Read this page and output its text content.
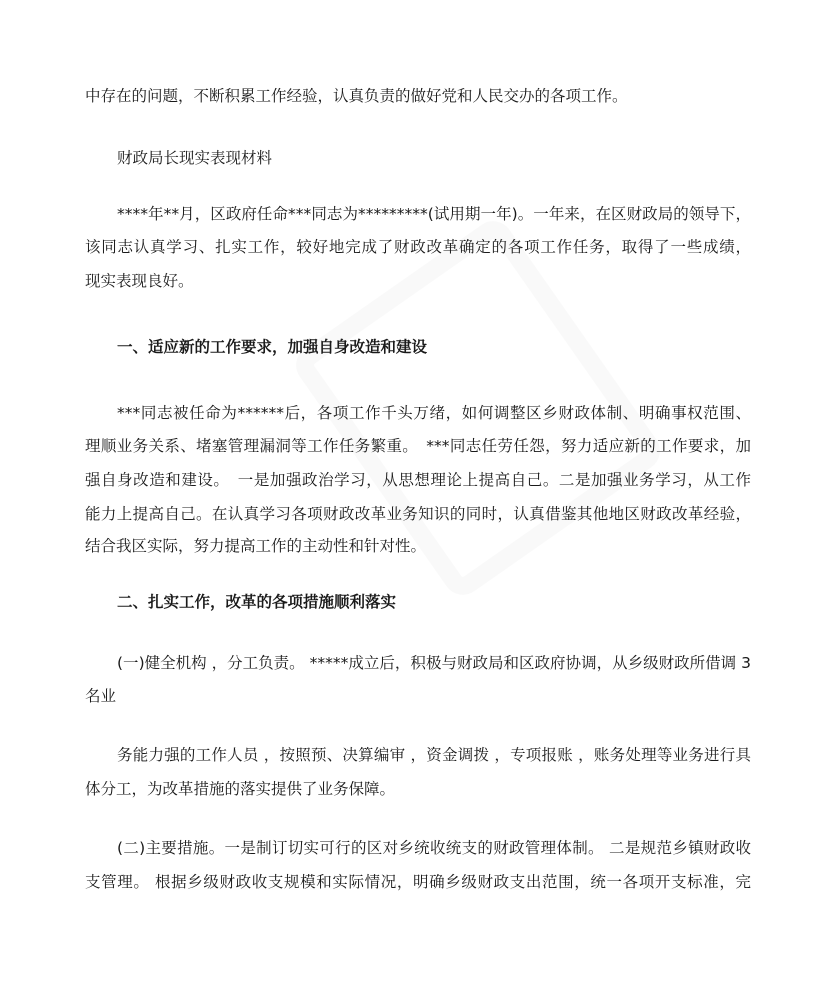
中存在的问题，不断积累工作经验，认真负责的做好党和人民交办的各项工作。
财政局长现实表现材料
****年**月，区政府任命***同志为*********(试用期一年)。一年来，在区财政局的领导下，
该同志认真学习、扎实工作，较好地完成了财政改革确定的各项工作任务，取得了一些成绩，
现实表现良好。
一、适应新的工作要求，加强自身改造和建设
***同志被任命为******后，各项工作千头万绪，如何调整区乡财政体制、明确事权范围、
理顺业务关系、堵塞管理漏洞等工作任务繁重。　***同志任劳任怨，努力适应新的工作要求，加
强自身改造和建设。　一是加强政治学习，从思想理论上提高自己。二是加强业务学习，从工作
能力上提高自己。在认真学习各项财政改革业务知识的同时，认真借鉴其他地区财政改革经验，
结合我区实际，努力提高工作的主动性和针对性。
二、扎实工作，改革的各项措施顺利落实
(一)健全机构 ，分工负责。 *****成立后，积极与财政局和区政府协调，从乡级财政所借调 3
名业
务能力强的工作人员 ，按照预、决算编审 ，资金调拨 ，专项报账 ，账务处理等业务进行具
体分工，为改革措施的落实提供了业务保障。
(二)主要措施。一是制订切实可行的区对乡统收统支的财政管理体制。 二是规范乡镇财政收
支管理。 根据乡级财政收支规模和实际情况，明确乡级财政支出范围，统一各项开支标准，完
